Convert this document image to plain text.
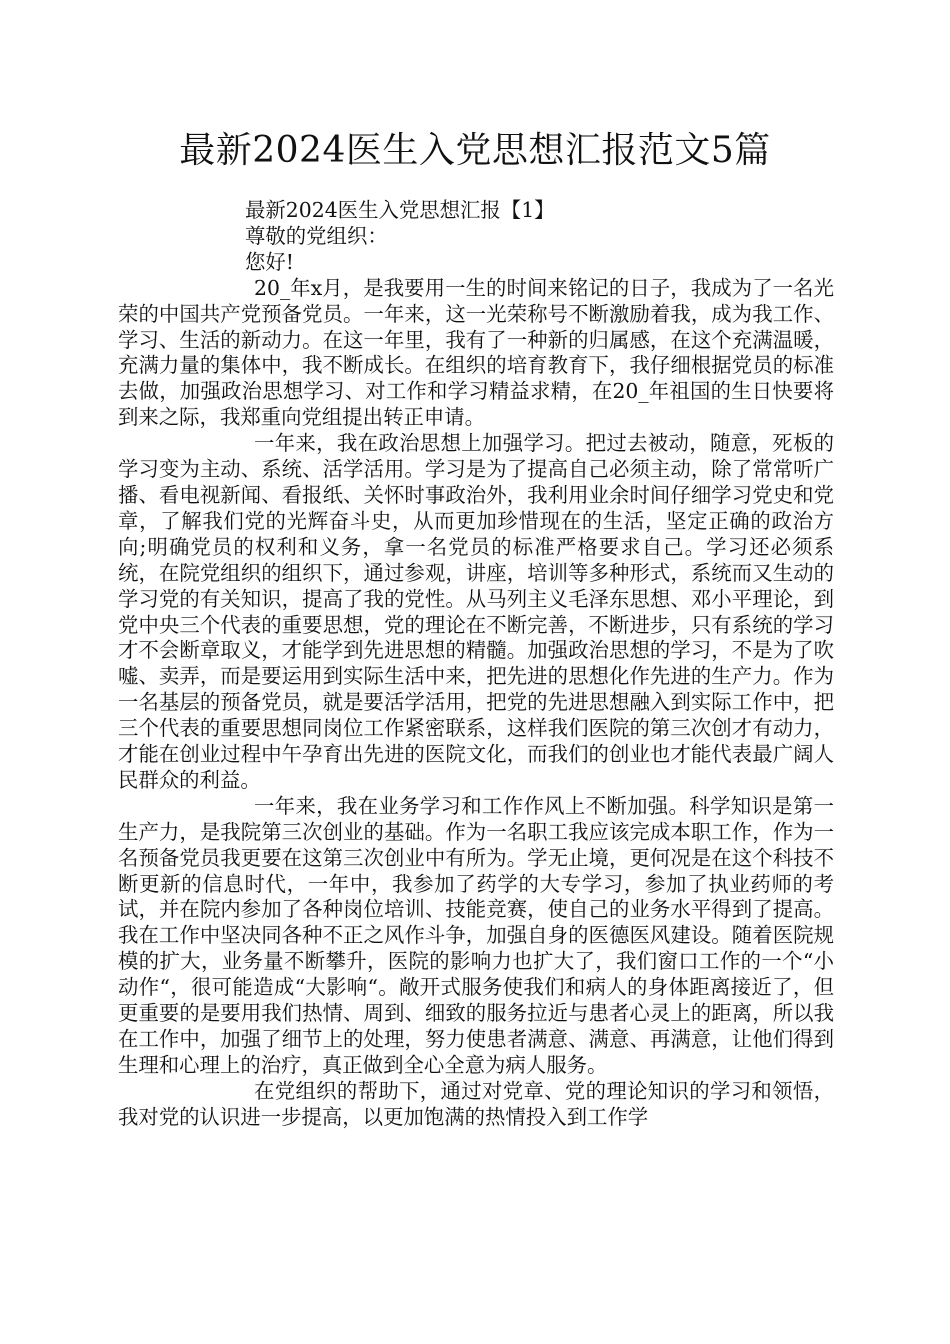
最新2024医生入党思想汇报范文5篇

最新2024医生入党思想汇报【1】

尊敬的党组织：

您好!

20_年x月，是我要用一生的时间来铭记的日子，我成为了一名光荣的中国共产党预备党员。一年来，这一光荣称号不断激励着我，成为我工作、学习、生活的新动力。在这一年里，我有了一种新的归属感，在这个充满温暖，充满力量的集体中，我不断成长。在组织的培育教育下，我仔细根据党员的标准去做，加强政治思想学习、对工作和学习精益求精，在20_年祖国的生日快要将到来之际，我郑重向党组提出转正申请。

一年来，我在政治思想上加强学习。把过去被动，随意，死板的学习变为主动、系统、活学活用。学习是为了提高自己必须主动，除了常常听广播、看电视新闻、看报纸、关怀时事政治外，我利用业余时间仔细学习党史和党章，了解我们党的光辉奋斗史，从而更加珍惜现在的生活，坚定正确的政治方向;明确党员的权利和义务，拿一名党员的标准严格要求自己。学习还必须系统，在院党组织的组织下，通过参观，讲座，培训等多种形式，系统而又生动的学习党的有关知识，提高了我的党性。从马列主义毛泽东思想、邓小平理论，到党中央三个代表的重要思想，党的理论在不断完善，不断进步，只有系统的学习才不会断章取义，才能学到先进思想的精髓。加强政治思想的学习，不是为了吹嘘、卖弄，而是要运用到实际生活中来，把先进的思想化作先进的生产力。作为一名基层的预备党员，就是要活学活用，把党的先进思想融入到实际工作中，把三个代表的重要思想同岗位工作紧密联系，这样我们医院的第三次创才有动力，才能在创业过程中午孕育出先进的医院文化，而我们的创业也才能代表最广阔人民群众的利益。

一年来，我在业务学习和工作作风上不断加强。科学知识是第一生产力，是我院第三次创业的基础。作为一名职工我应该完成本职工作，作为一名预备党员我更要在这第三次创业中有所为。学无止境，更何况是在这个科技不断更新的信息时代，一年中，我参加了药学的大专学习，参加了执业药师的考试，并在院内参加了各种岗位培训、技能竞赛，使自己的业务水平得到了提高。我在工作中坚决同各种不正之风作斗争，加强自身的医德医风建设。随着医院规模的扩大，业务量不断攀升，医院的影响力也扩大了，我们窗口工作的一个“小动作“，很可能造成“大影响“。敞开式服务使我们和病人的身体距离接近了，但更重要的是要用我们热情、周到、细致的服务拉近与患者心灵上的距离，所以我在工作中，加强了细节上的处理，努力使患者满意、满意、再满意，让他们得到生理和心理上的治疗，真正做到全心全意为病人服务。

在党组织的帮助下，通过对党章、党的理论知识的学习和领悟，我对党的认识进一步提高，以更加饱满的热情投入到工作学
